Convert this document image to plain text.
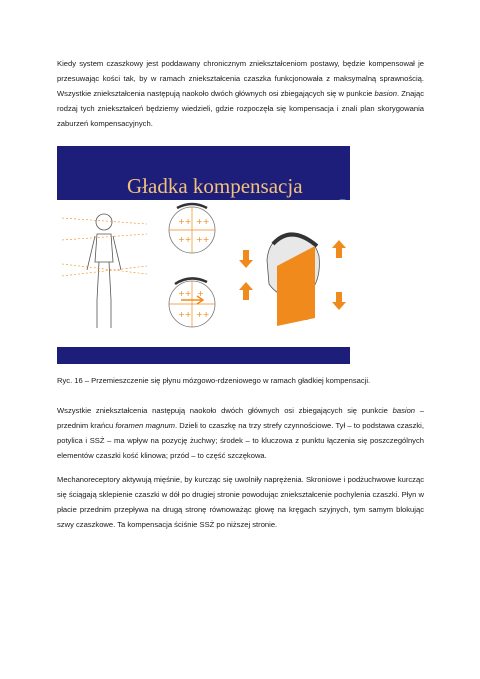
Kiedy system czaszkowy jest poddawany chronicznym zniekształceniom postawy, będzie kompensował je przesuwając kości tak, by w ramach zniekształcenia czaszka funkcjonowała z maksymalną sprawnością. Wszystkie zniekształcenia następują naokoło dwóch głównych osi zbiegających się w punkcie basion. Znając rodzaj tych zniekształceń będziemy wiedzieli, gdzie rozpoczęła się kompensacja i znali plan skorygowania zaburzeń kompensacyjnych.

Gładka kompensacja
++ ++
++ ++
++ +
++ ++

Ryc. 16 – Przemieszczenie się płynu mózgowo-rdzeniowego w ramach gładkiej kompensacji.

Wszystkie zniekształcenia następują naokoło dwóch głównych osi zbiegających się punkcie basion – przednim krańcu foramen magnum. Dzieli to czaszkę na trzy strefy czynnościowe. Tył – to podstawa czaszki, potylica i SSŻ – ma wpływ na pozycję żuchwy; środek – to kluczowa z punktu łączenia się poszczególnych elementów czaszki kość klinowa; przód – to część szczękowa.

Mechanoreceptory aktywują mięśnie, by kurcząc się uwolniły naprężenia. Skroniowe i podżuchwowe kurcząc się ściągają sklepienie czaszki w dół po drugiej stronie powodując zniekształcenie pochylenia czaszki. Płyn w płacie przednim przepływa na drugą stronę równoważąc głowę na kręgach szyjnych, tym samym blokując szwy czaszkowe. Ta kompensacja ściśnie SSŻ po niższej stronie.
